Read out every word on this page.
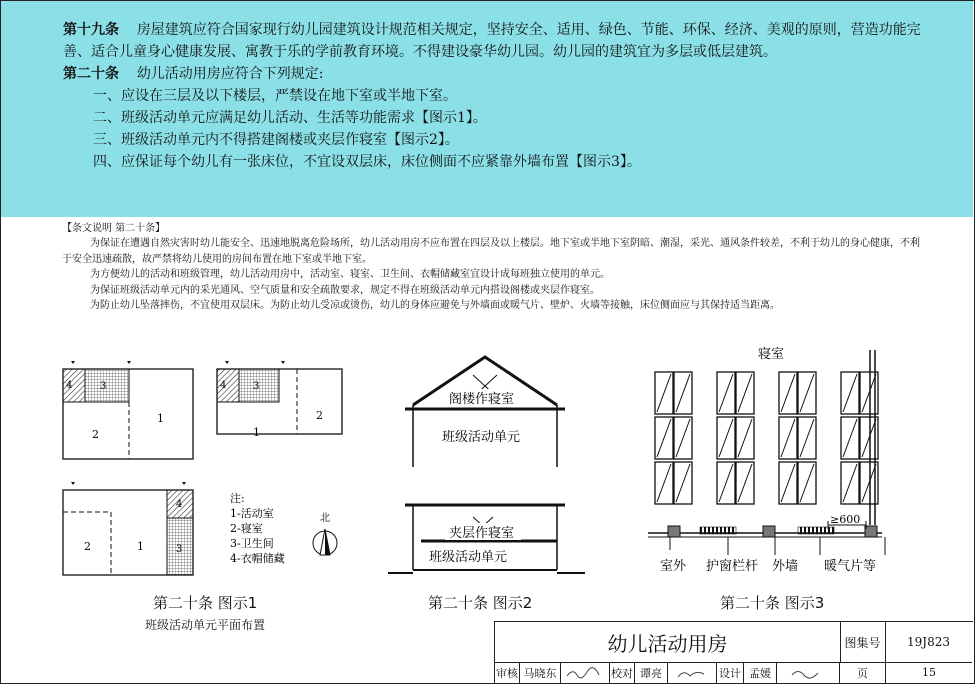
第十九条 房屋建筑应符合国家现行幼儿园建筑设计规范相关规定，坚持安全、适用、绿色、节能、环保、经济、美观的原则，营造功能完善、适合儿童身心健康发展、寓教于乐的学前教育环境。不得建设豪华幼儿园。幼儿园的建筑宜为多层或低层建筑。

第二十条 幼儿活动用房应符合下列规定:

一、应设在三层及以下楼层，严禁设在地下室或半地下室。

二、班级活动单元应满足幼儿活动、生活等功能需求【图示1】。

三、班级活动单元内不得搭建阁楼或夹层作寝室【图示2】。

四、应保证每个幼儿有一张床位，不宜设双层床，床位侧面不应紧靠外墙布置【图示3】。

【条文说明 第二十条】

为保证在遭遇自然灾害时幼儿能安全、迅速地脱离危险场所，幼儿活动用房不应布置在四层及以上楼层。地下室或半地下室阴暗、潮湿，采光、通风条件较差，不利于幼儿的身心健康，不利于安全迅速疏散，故严禁将幼儿使用的房间布置在地下室或半地下室。

为方便幼儿的活动和班级管理，幼儿活动用房中，活动室、寝室、卫生间、衣帽储藏室宜设计成每班独立使用的单元。

为保证班级活动单元内的采光通风、空气质量和安全疏散要求，规定不得在班级活动单元内搭设阁楼或夹层作寝室。

为防止幼儿坠落摔伤，不宜使用双层床。为防止幼儿受凉或烫伤，幼儿的身体应避免与外墙面或暖气片、壁炉、火墙等接触，床位侧面应与其保持适当距离。

4	3
1
2
4	3
1
2
4
3
1
2
注:
1-活动室
2-寝室
3-卫生间
4-衣帽储藏
北
第二十条 图示1
班级活动单元平面布置
阁楼作寝室
班级活动单元
夹层作寝室
班级活动单元
第二十条 图示2
寝室
≥600
室外 护窗栏杆 外墙 暖气片等
第二十条 图示3
幼儿活动用房	图集号	19J823
审核 马晓东	校对 谭亮	设计 孟媛	页	15
